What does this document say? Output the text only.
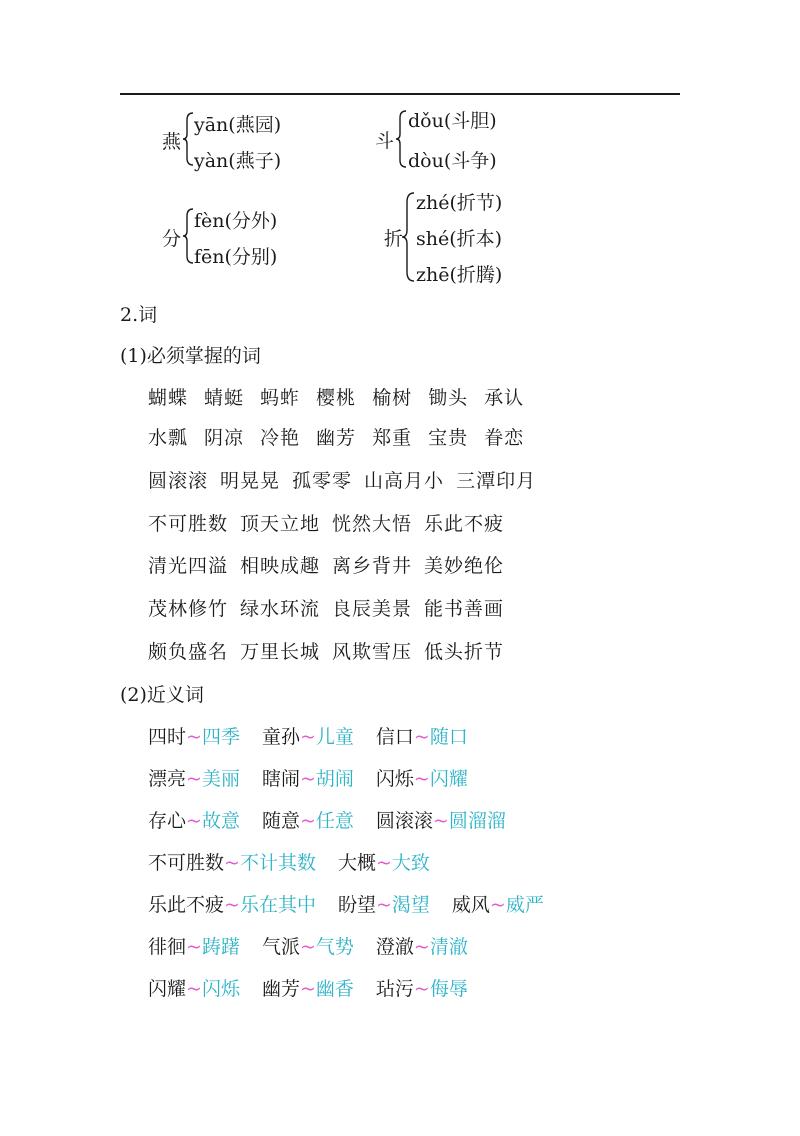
燕
yān(燕园)
yàn(燕子)
斗
dǒu(斗胆)
dòu(斗争)
分
fèn(分外)
fēn(分别)
折
zhé(折节)
shé(折本)
zhē(折腾)
2.词
(1)必须掌握的词
蝴蝶 蜻蜓 蚂蚱 樱桃 榆树 锄头 承认
水瓢 阴凉 冷艳 幽芳 郑重 宝贵 眷恋
圆滚滚 明晃晃 孤零零 山高月小 三潭印月
不可胜数 顶天立地 恍然大悟 乐此不疲
清光四溢 相映成趣 离乡背井 美妙绝伦
茂林修竹 绿水环流 良辰美景 能书善画
颇负盛名 万里长城 风欺雪压 低头折节
(2)近义词
四时~四季 童孙~儿童 信口~随口
漂亮~美丽 瞎闹~胡闹 闪烁~闪耀
存心~故意 随意~任意 圆滚滚~圆溜溜
不可胜数~不计其数 大概~大致
乐此不疲~乐在其中 盼望~渴望 威风~威严
徘徊~踌躇 气派~气势 澄澈~清澈
闪耀~闪烁 幽芳~幽香 玷污~侮辱
